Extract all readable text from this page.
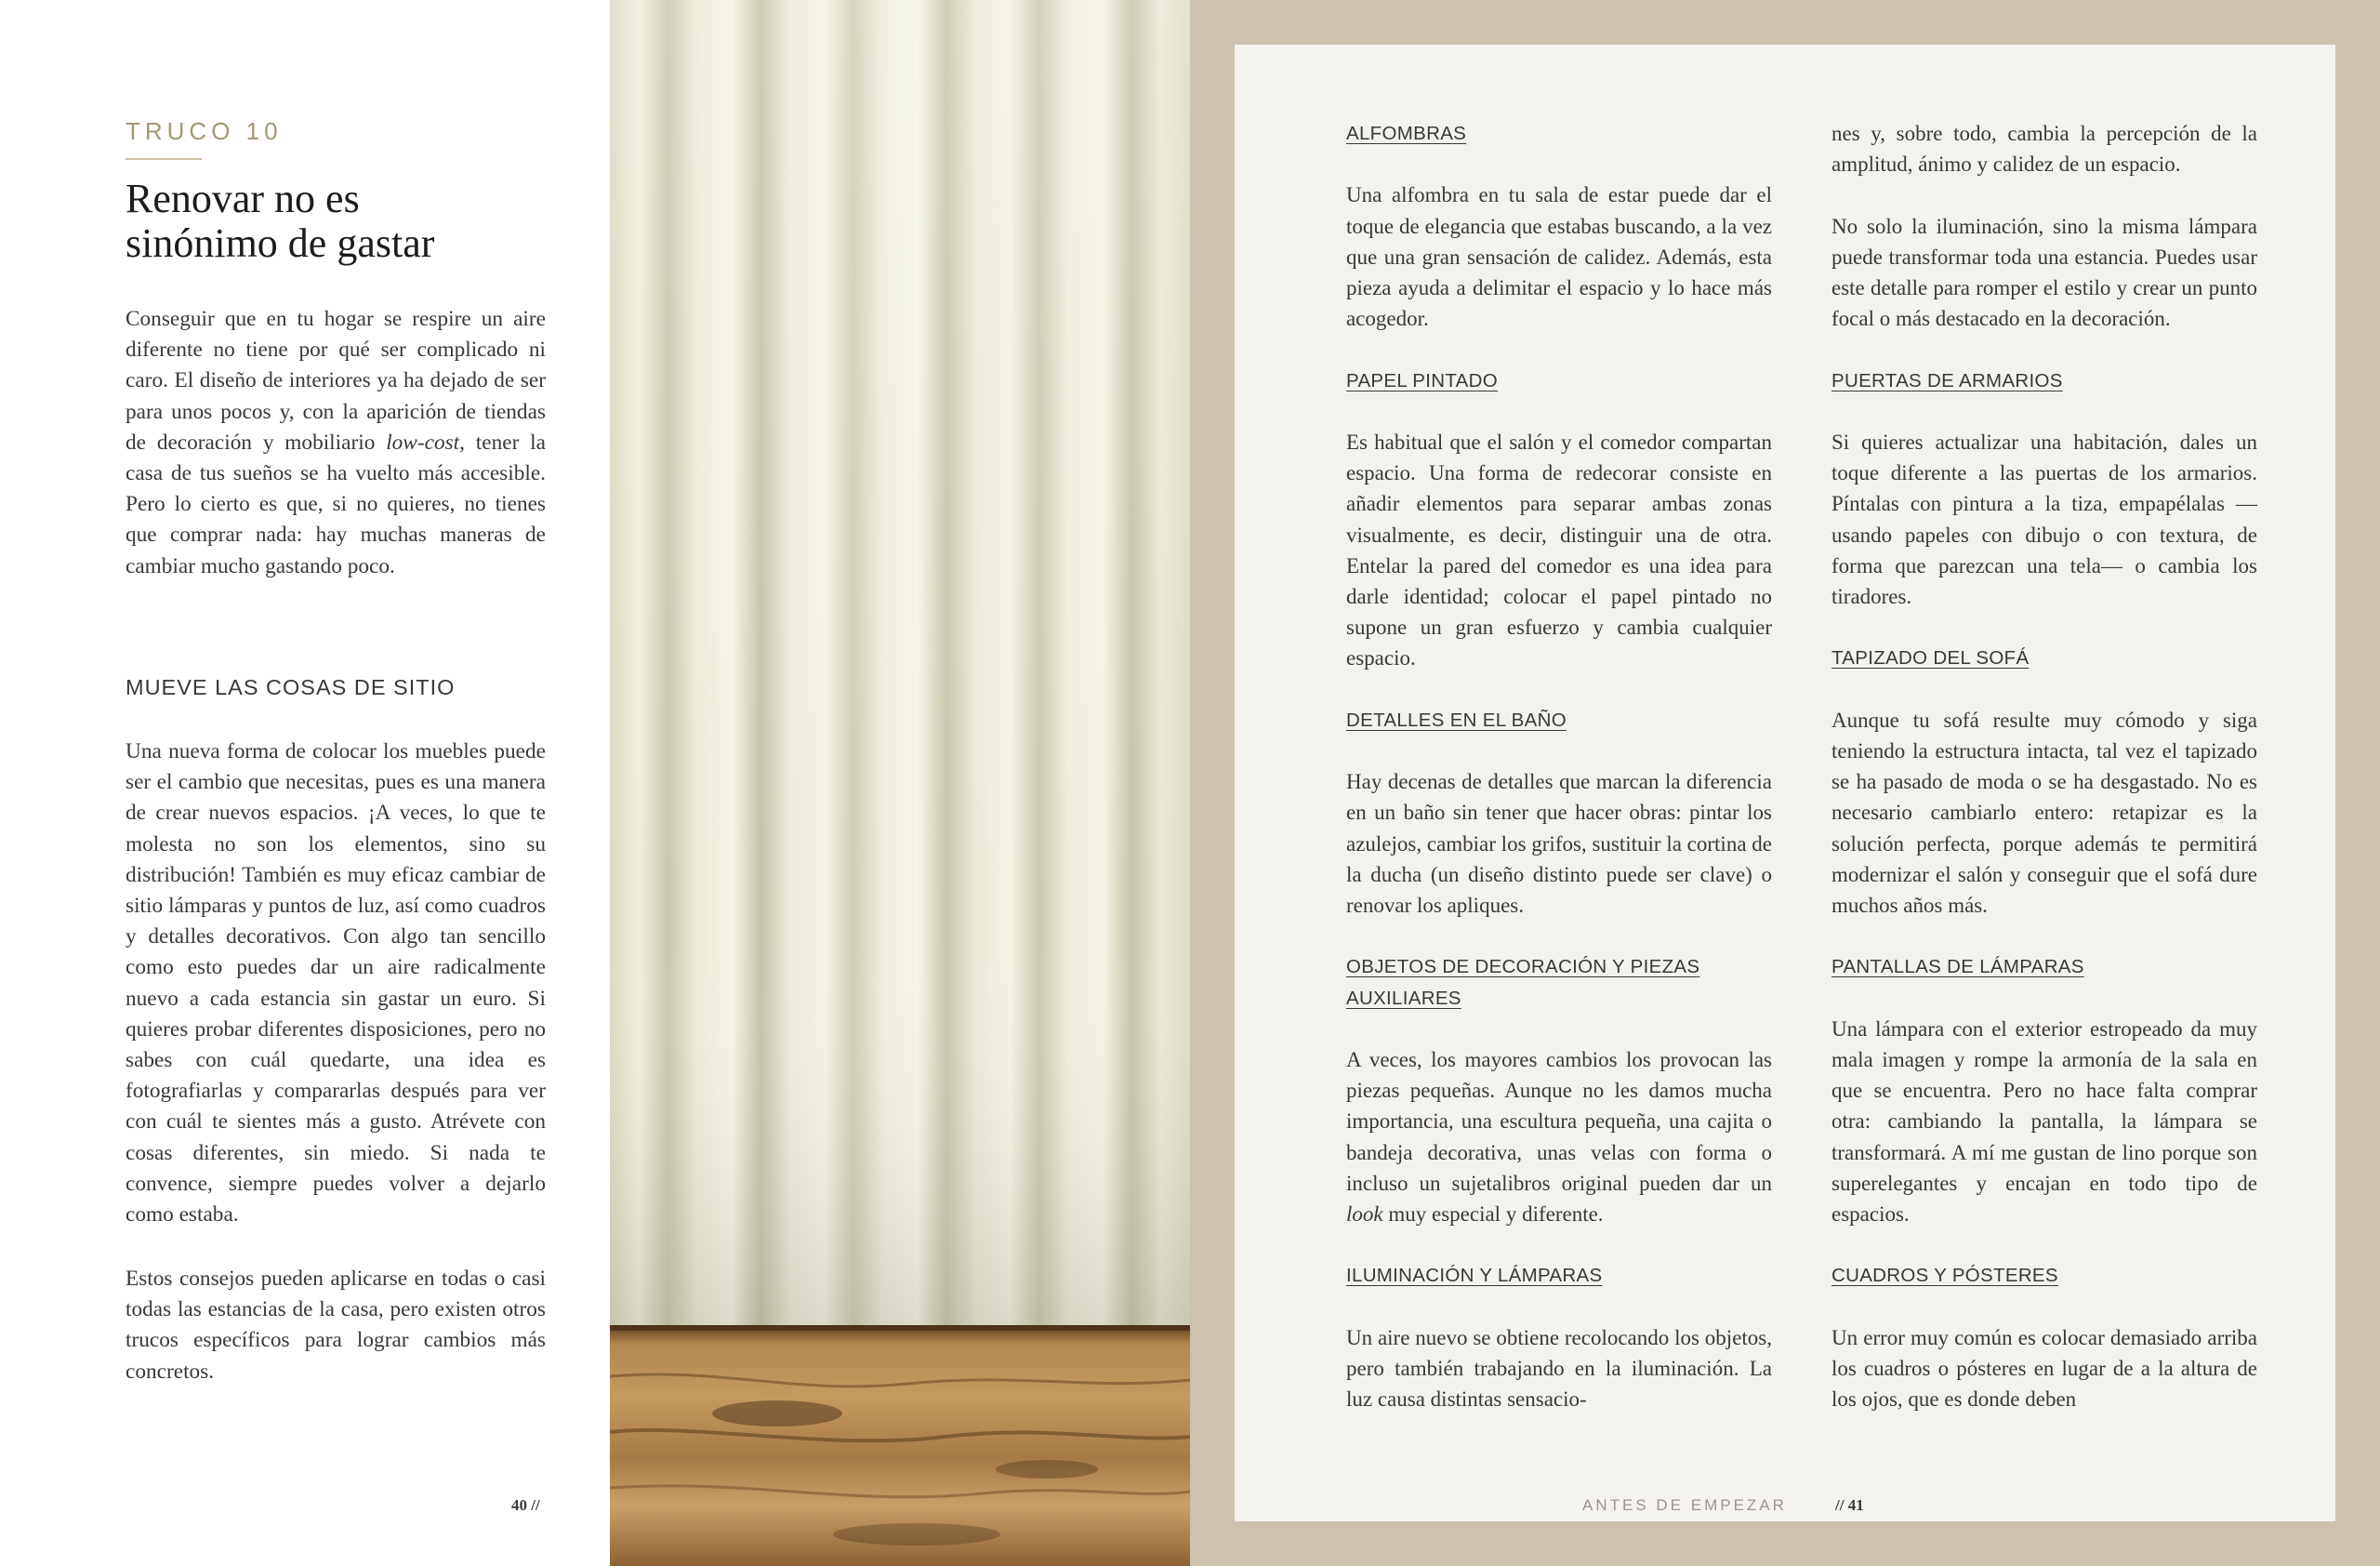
TRUCO 10
Renovar no es
sinónimo de gastar

Conseguir que en tu hogar se respire un aire diferente no tiene por qué ser complicado ni caro. El diseño de interiores ya ha dejado de ser para unos pocos y, con la aparición de tiendas de decoración y mobiliario low-cost, tener la casa de tus sueños se ha vuelto más accesible. Pero lo cierto es que, si no quieres, no tienes que comprar nada: hay muchas maneras de cambiar mucho gastando poco.

MUEVE LAS COSAS DE SITIO

Una nueva forma de colocar los muebles puede ser el cambio que necesitas, pues es una manera de crear nuevos espacios. ¡A veces, lo que te molesta no son los elementos, sino su distribución! También es muy eficaz cambiar de sitio lámparas y puntos de luz, así como cuadros y detalles decorativos. Con algo tan sencillo como esto puedes dar un aire radicalmente nuevo a cada estancia sin gastar un euro. Si quieres probar diferentes disposiciones, pero no sabes con cuál quedarte, una idea es fotografiarlas y compararlas después para ver con cuál te sientes más a gusto. Atrévete con cosas diferentes, sin miedo. Si nada te convence, siempre puedes volver a dejarlo como estaba.

Estos consejos pueden aplicarse en todas o casi todas las estancias de la casa, pero existen otros trucos específicos para lograr cambios más concretos.

40 //
ALFOMBRAS

Una alfombra en tu sala de estar puede dar el toque de elegancia que estabas buscando, a la vez que una gran sensación de calidez. Además, esta pieza ayuda a delimitar el espacio y lo hace más acogedor.

PAPEL PINTADO

Es habitual que el salón y el comedor compartan espacio. Una forma de redecorar consiste en añadir elementos para separar ambas zonas visualmente, es decir, distinguir una de otra. Entelar la pared del comedor es una idea para darle identidad; colocar el papel pintado no supone un gran esfuerzo y cambia cualquier espacio.

DETALLES EN EL BAÑO

Hay decenas de detalles que marcan la diferencia en un baño sin tener que hacer obras: pintar los azulejos, cambiar los grifos, sustituir la cortina de la ducha (un diseño distinto puede ser clave) o renovar los apliques.

OBJETOS DE DECORACIÓN Y PIEZAS AUXILIARES

A veces, los mayores cambios los provocan las piezas pequeñas. Aunque no les damos mucha importancia, una escultura pequeña, una cajita o bandeja decorativa, unas velas con forma o incluso un sujetalibros original pueden dar un look muy especial y diferente.

ILUMINACIÓN Y LÁMPARAS

Un aire nuevo se obtiene recolocando los objetos, pero también trabajando en la iluminación. La luz causa distintas sensacio-

nes y, sobre todo, cambia la percepción de la amplitud, ánimo y calidez de un espacio.

No solo la iluminación, sino la misma lámpara puede transformar toda una estancia. Puedes usar este detalle para romper el estilo y crear un punto focal o más destacado en la decoración.

PUERTAS DE ARMARIOS

Si quieres actualizar una habitación, dales un toque diferente a las puertas de los armarios. Píntalas con pintura a la tiza, empapélalas —usando papeles con dibujo o con textura, de forma que parezcan una tela— o cambia los tiradores.

TAPIZADO DEL SOFÁ

Aunque tu sofá resulte muy cómodo y siga teniendo la estructura intacta, tal vez el tapizado se ha pasado de moda o se ha desgastado. No es necesario cambiarlo entero: retapizar es la solución perfecta, porque además te permitirá modernizar el salón y conseguir que el sofá dure muchos años más.

PANTALLAS DE LÁMPARAS

Una lámpara con el exterior estropeado da muy mala imagen y rompe la armonía de la sala en que se encuentra. Pero no hace falta comprar otra: cambiando la pantalla, la lámpara se transformará. A mí me gustan de lino porque son superelegantes y encajan en todo tipo de espacios.

CUADROS Y PÓSTERES

Un error muy común es colocar demasiado arriba los cuadros o pósteres en lugar de a la altura de los ojos, que es donde deben

ANTES DE EMPEZAR	// 41
